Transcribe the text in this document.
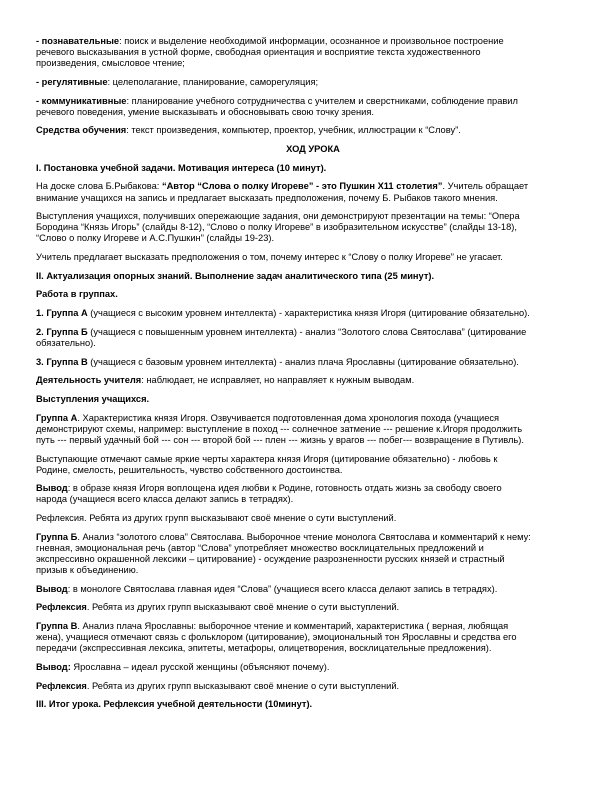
- познавательные: поиск и выделение необходимой информации, осознанное и произвольное построение
речевого высказывания в устной форме, свободная ориентация и восприятие текста художественного
произведения, смысловое чтение;
- регулятивные: целеполагание, планирование, саморегуляция;
- коммуникативные: планирование учебного сотрудничества с учителем и сверстниками, соблюдение правил
речевого поведения, умение высказывать и обосновывать свою точку зрения.
Средства обучения: текст произведения, компьютер, проектор, учебник, иллюстрации к “Слову”.
ХОД УРОКА
I. Постановка учебной задачи. Мотивация интереса (10 минут).
На доске слова Б.Рыбакова: “Автор “Слова о полку Игореве” - это Пушкин Х11 столетия”. Учитель обращает
внимание учащихся на запись и предлагает высказать предположения, почему Б. Рыбаков такого мнения.
Выступления учащихся, получивших опережающие задания, они демонстрируют презентации на темы: “Опера
Бородина “Князь Игорь” (слайды 8-12), “Слово о полку Игореве” в изобразительном искусстве” (слайды 13-18),
“Слово о полку Игореве и А.С.Пушкин” (слайды 19-23).
Учитель предлагает высказать предположения о том, почему интерес к “Слову о полку Игореве” не угасает.
II. Актуализация опорных знаний. Выполнение задач аналитического типа (25 минут).
Работа в группах.
1. Группа А (учащиеся с высоким уровнем интеллекта) - характеристика князя Игоря (цитирование обязательно).
2. Группа Б (учащиеся с повышенным уровнем интеллекта) - анализ “Золотого слова Святослава” (цитирование
обязательно).
3. Группа В (учащиеся с базовым уровнем интеллекта) - анализ плача Ярославны (цитирование обязательно).
Деятельность учителя: наблюдает, не исправляет, но направляет к нужным выводам.
Выступления учащихся.
Группа А. Характеристика князя Игоря. Озвучивается подготовленная дома хронология похода (учащиеся
демонстрируют схемы, например: выступление в поход --- солнечное затмение --- решение к.Игоря продолжить
путь --- первый удачный бой --- сон --- второй бой --- плен --- жизнь у врагов --- побег--- возвращение в Путивль).
Выступающие отмечают самые яркие черты характера князя Игоря (цитирование обязательно) - любовь к
Родине, смелость, решительность, чувство собственного достоинства.
Вывод: в образе князя Игоря воплощена идея любви к Родине, готовность отдать жизнь за свободу своего
народа (учащиеся всего класса делают запись в тетрадях).
Рефлексия. Ребята из других групп высказывают своё мнение о сути выступлений.
Группа Б. Анализ “золотого слова” Святослава. Выборочное чтение монолога Святослава и комментарий к нему:
гневная, эмоциональная речь (автор “Слова” употребляет множество восклицательных предложений и
экспрессивно окрашенной лексики – цитирование) - осуждение разрозненности русских князей и страстный
призыв к объединению.
Вывод: в монологе Святослава главная идея “Слова” (учащиеся всего класса делают запись в тетрадях).
Рефлексия. Ребята из других групп высказывают своё мнение о сути выступлений.
Группа В. Анализ плача Ярославны: выборочное чтение и комментарий, характеристика ( верная, любящая
жена), учащиеся отмечают связь с фольклором (цитирование), эмоциональный тон Ярославны и средства его
передачи (экспрессивная лексика, эпитеты, метафоры, олицетворения, восклицательные предложения).
Вывод: Ярославна – идеал русской женщины (объясняют почему).
Рефлексия. Ребята из других групп высказывают своё мнение о сути выступлений.
III. Итог урока. Рефлексия учебной деятельности (10минут).
